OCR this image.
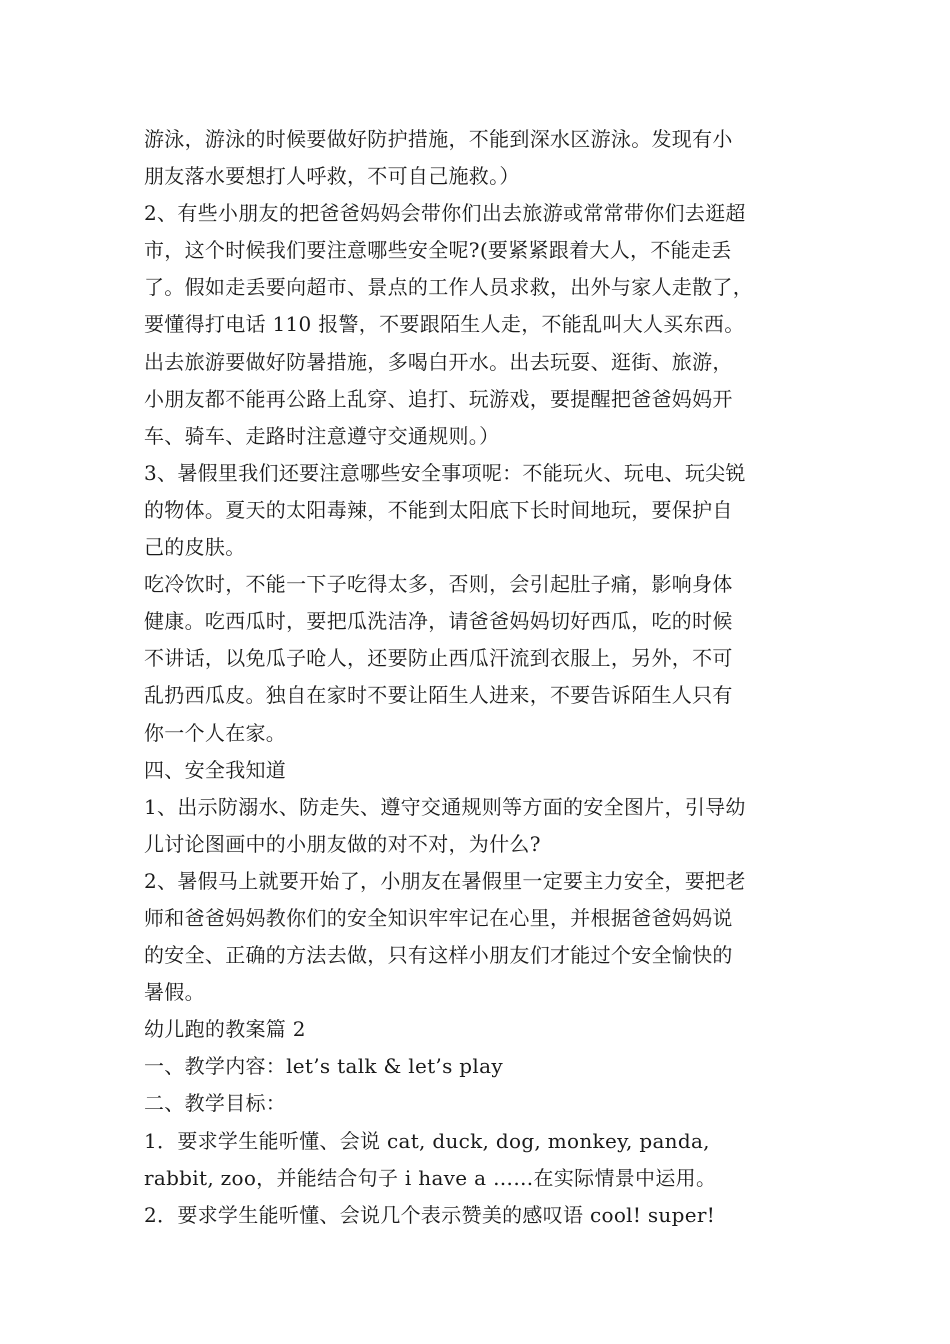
游泳，游泳的时候要做好防护措施，不能到深水区游泳。发现有小
朋友落水要想打人呼救，不可自己施救。）
2、有些小朋友的把爸爸妈妈会带你们出去旅游或常常带你们去逛超
市，这个时候我们要注意哪些安全呢?(要紧紧跟着大人，不能走丢
了。假如走丢要向超市、景点的工作人员求救，出外与家人走散了，
要懂得打电话 110 报警，不要跟陌生人走，不能乱叫大人买东西。
出去旅游要做好防暑措施，多喝白开水。出去玩耍、逛街、旅游，
小朋友都不能再公路上乱穿、追打、玩游戏，要提醒把爸爸妈妈开
车、骑车、走路时注意遵守交通规则。）
3、暑假里我们还要注意哪些安全事项呢：不能玩火、玩电、玩尖锐
的物体。夏天的太阳毒辣，不能到太阳底下长时间地玩，要保护自
己的皮肤。
吃冷饮时，不能一下子吃得太多，否则，会引起肚子痛，影响身体
健康。吃西瓜时，要把瓜洗洁净，请爸爸妈妈切好西瓜，吃的时候
不讲话，以免瓜子呛人，还要防止西瓜汗流到衣服上，另外，不可
乱扔西瓜皮。独自在家时不要让陌生人进来，不要告诉陌生人只有
你一个人在家。
四、安全我知道
1、出示防溺水、防走失、遵守交通规则等方面的安全图片，引导幼
儿讨论图画中的小朋友做的对不对，为什么?
2、暑假马上就要开始了，小朋友在暑假里一定要主力安全，要把老
师和爸爸妈妈教你们的安全知识牢牢记在心里，并根据爸爸妈妈说
的安全、正确的方法去做，只有这样小朋友们才能过个安全愉快的
暑假。
幼儿跑的教案篇 2
一、教学内容：let’s talk & let’s play
二、教学目标：
1．要求学生能听懂、会说 cat, duck, dog, monkey, panda,
rabbit, zoo，并能结合句子 i have a ……在实际情景中运用。
2．要求学生能听懂、会说几个表示赞美的感叹语 cool! super!
